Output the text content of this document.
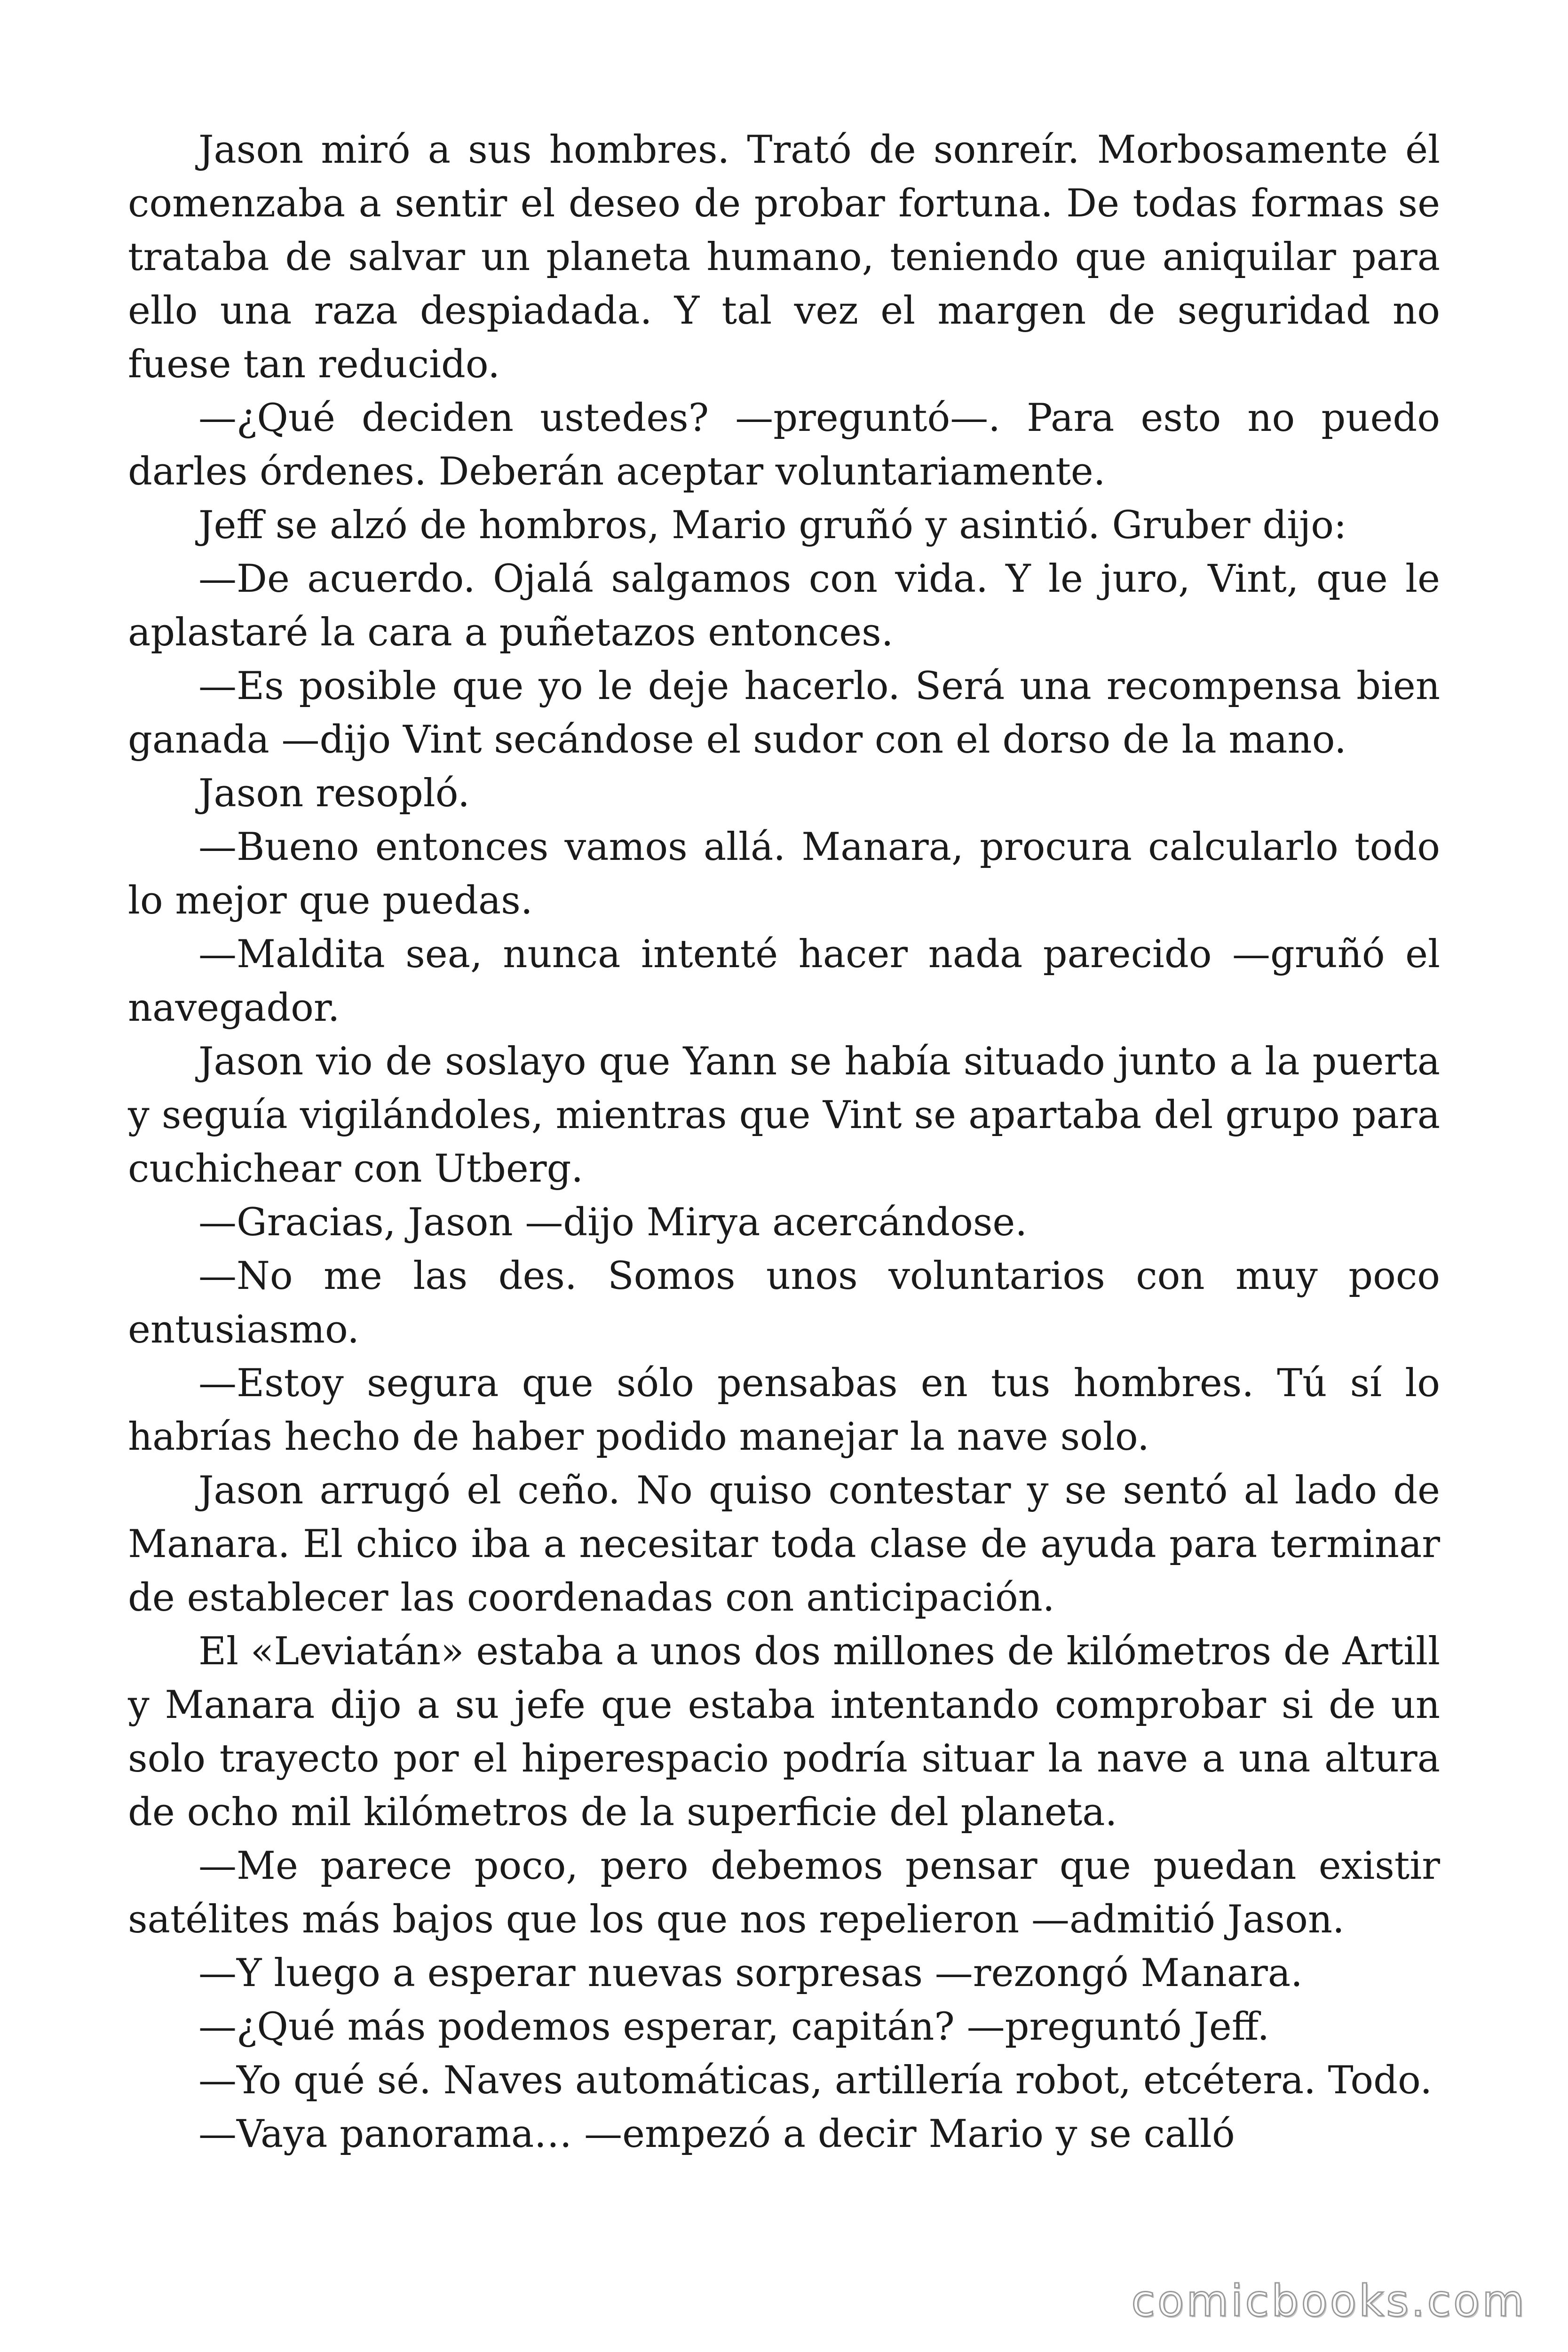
Jason miró a sus hombres. Trató de sonreír. Morbosamente él comenzaba a sentir el deseo de probar fortuna. De todas formas se trataba de salvar un planeta humano, teniendo que aniquilar para ello una raza despiadada. Y tal vez el margen de seguridad no fuese tan reducido.

—¿Qué deciden ustedes? —preguntó—. Para esto no puedo darles órdenes. Deberán aceptar voluntariamente.

Jeff se alzó de hombros, Mario gruñó y asintió. Gruber dijo:

—De acuerdo. Ojalá salgamos con vida. Y le juro, Vint, que le aplastaré la cara a puñetazos entonces.

—Es posible que yo le deje hacerlo. Será una recompensa bien ganada —dijo Vint secándose el sudor con el dorso de la mano.

Jason resopló.

—Bueno entonces vamos allá. Manara, procura calcularlo todo lo mejor que puedas.

—Maldita sea, nunca intenté hacer nada parecido —gruñó el navegador.

Jason vio de soslayo que Yann se había situado junto a la puerta y seguía vigilándoles, mientras que Vint se apartaba del grupo para cuchichear con Utberg.

—Gracias, Jason —dijo Mirya acercándose.

—No me las des. Somos unos voluntarios con muy poco entusiasmo.

—Estoy segura que sólo pensabas en tus hombres. Tú sí lo habrías hecho de haber podido manejar la nave solo.

Jason arrugó el ceño. No quiso contestar y se sentó al lado de Manara. El chico iba a necesitar toda clase de ayuda para terminar de establecer las coordenadas con anticipación.

El «Leviatán» estaba a unos dos millones de kilómetros de Artill y Manara dijo a su jefe que estaba intentando comprobar si de un solo trayecto por el hiperespacio podría situar la nave a una altura de ocho mil kilómetros de la superficie del planeta.

—Me parece poco, pero debemos pensar que puedan existir satélites más bajos que los que nos repelieron —admitió Jason.

—Y luego a esperar nuevas sorpresas —rezongó Manara.

—¿Qué más podemos esperar, capitán? —preguntó Jeff.

—Yo qué sé. Naves automáticas, artillería robot, etcétera. Todo.

—Vaya panorama… —empezó a decir Mario y se calló

comicbooks.com
